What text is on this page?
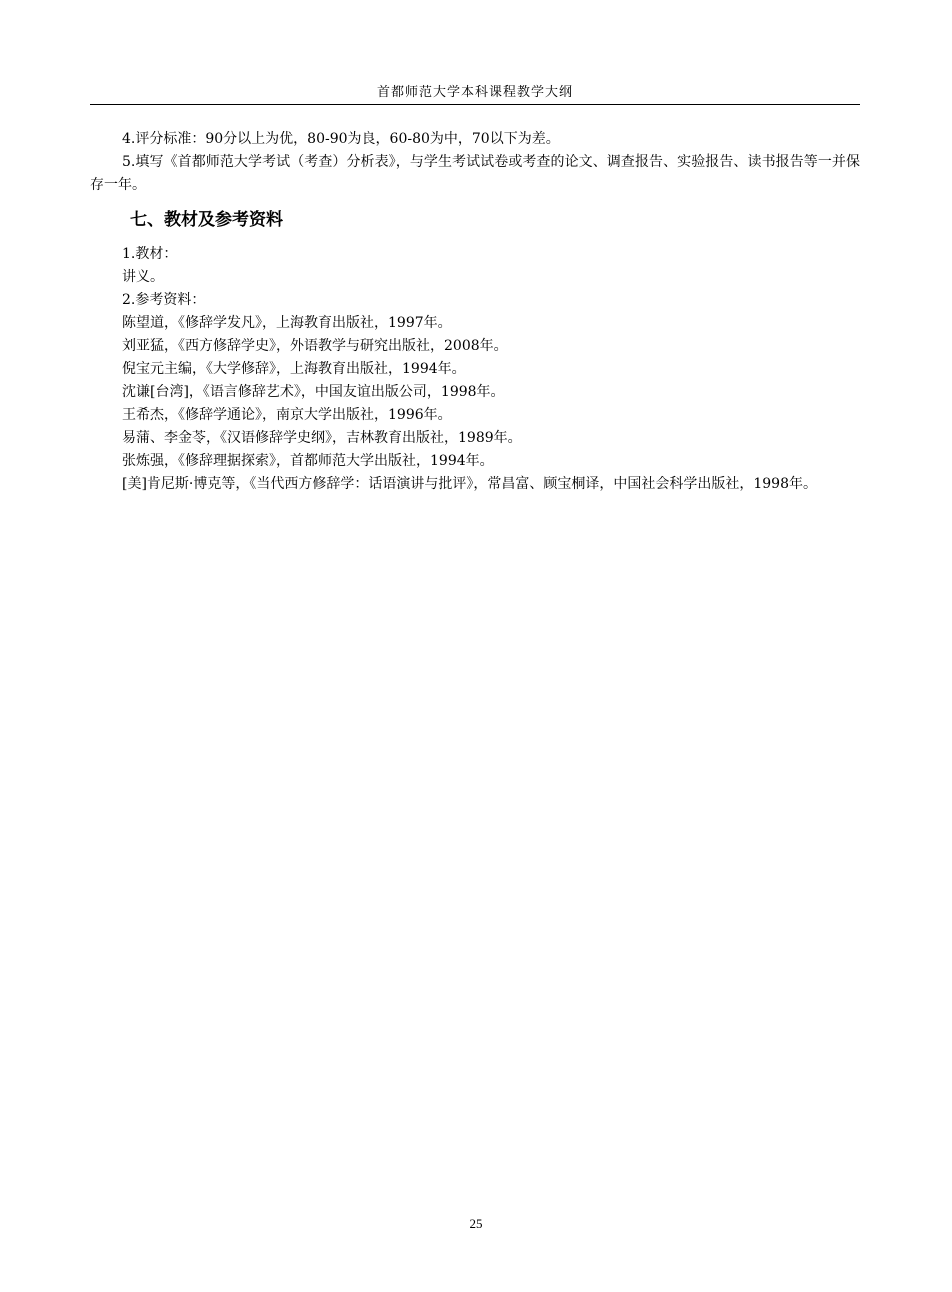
首都师范大学本科课程教学大纲

4.评分标准：90分以上为优，80-90为良，60-80为中，70以下为差。

5.填写《首都师范大学考试（考查）分析表》，与学生考试试卷或考查的论文、调查报告、实验报告、读书报告等一并保存一年。

七、教材及参考资料

1.教材：

讲义。

2.参考资料：

陈望道，《修辞学发凡》，上海教育出版社，1997年。
刘亚猛，《西方修辞学史》，外语教学与研究出版社，2008年。
倪宝元主编，《大学修辞》，上海教育出版社，1994年。
沈谦[台湾]，《语言修辞艺术》，中国友谊出版公司，1998年。
王希杰，《修辞学通论》，南京大学出版社，1996年。
易蒲、李金苓，《汉语修辞学史纲》，吉林教育出版社，1989年。
张炼强，《修辞理据探索》，首都师范大学出版社，1994年。
[美]肯尼斯·博克等，《当代西方修辞学：话语演讲与批评》，常昌富、顾宝桐译，中国社会科学出版社，1998年。
25
